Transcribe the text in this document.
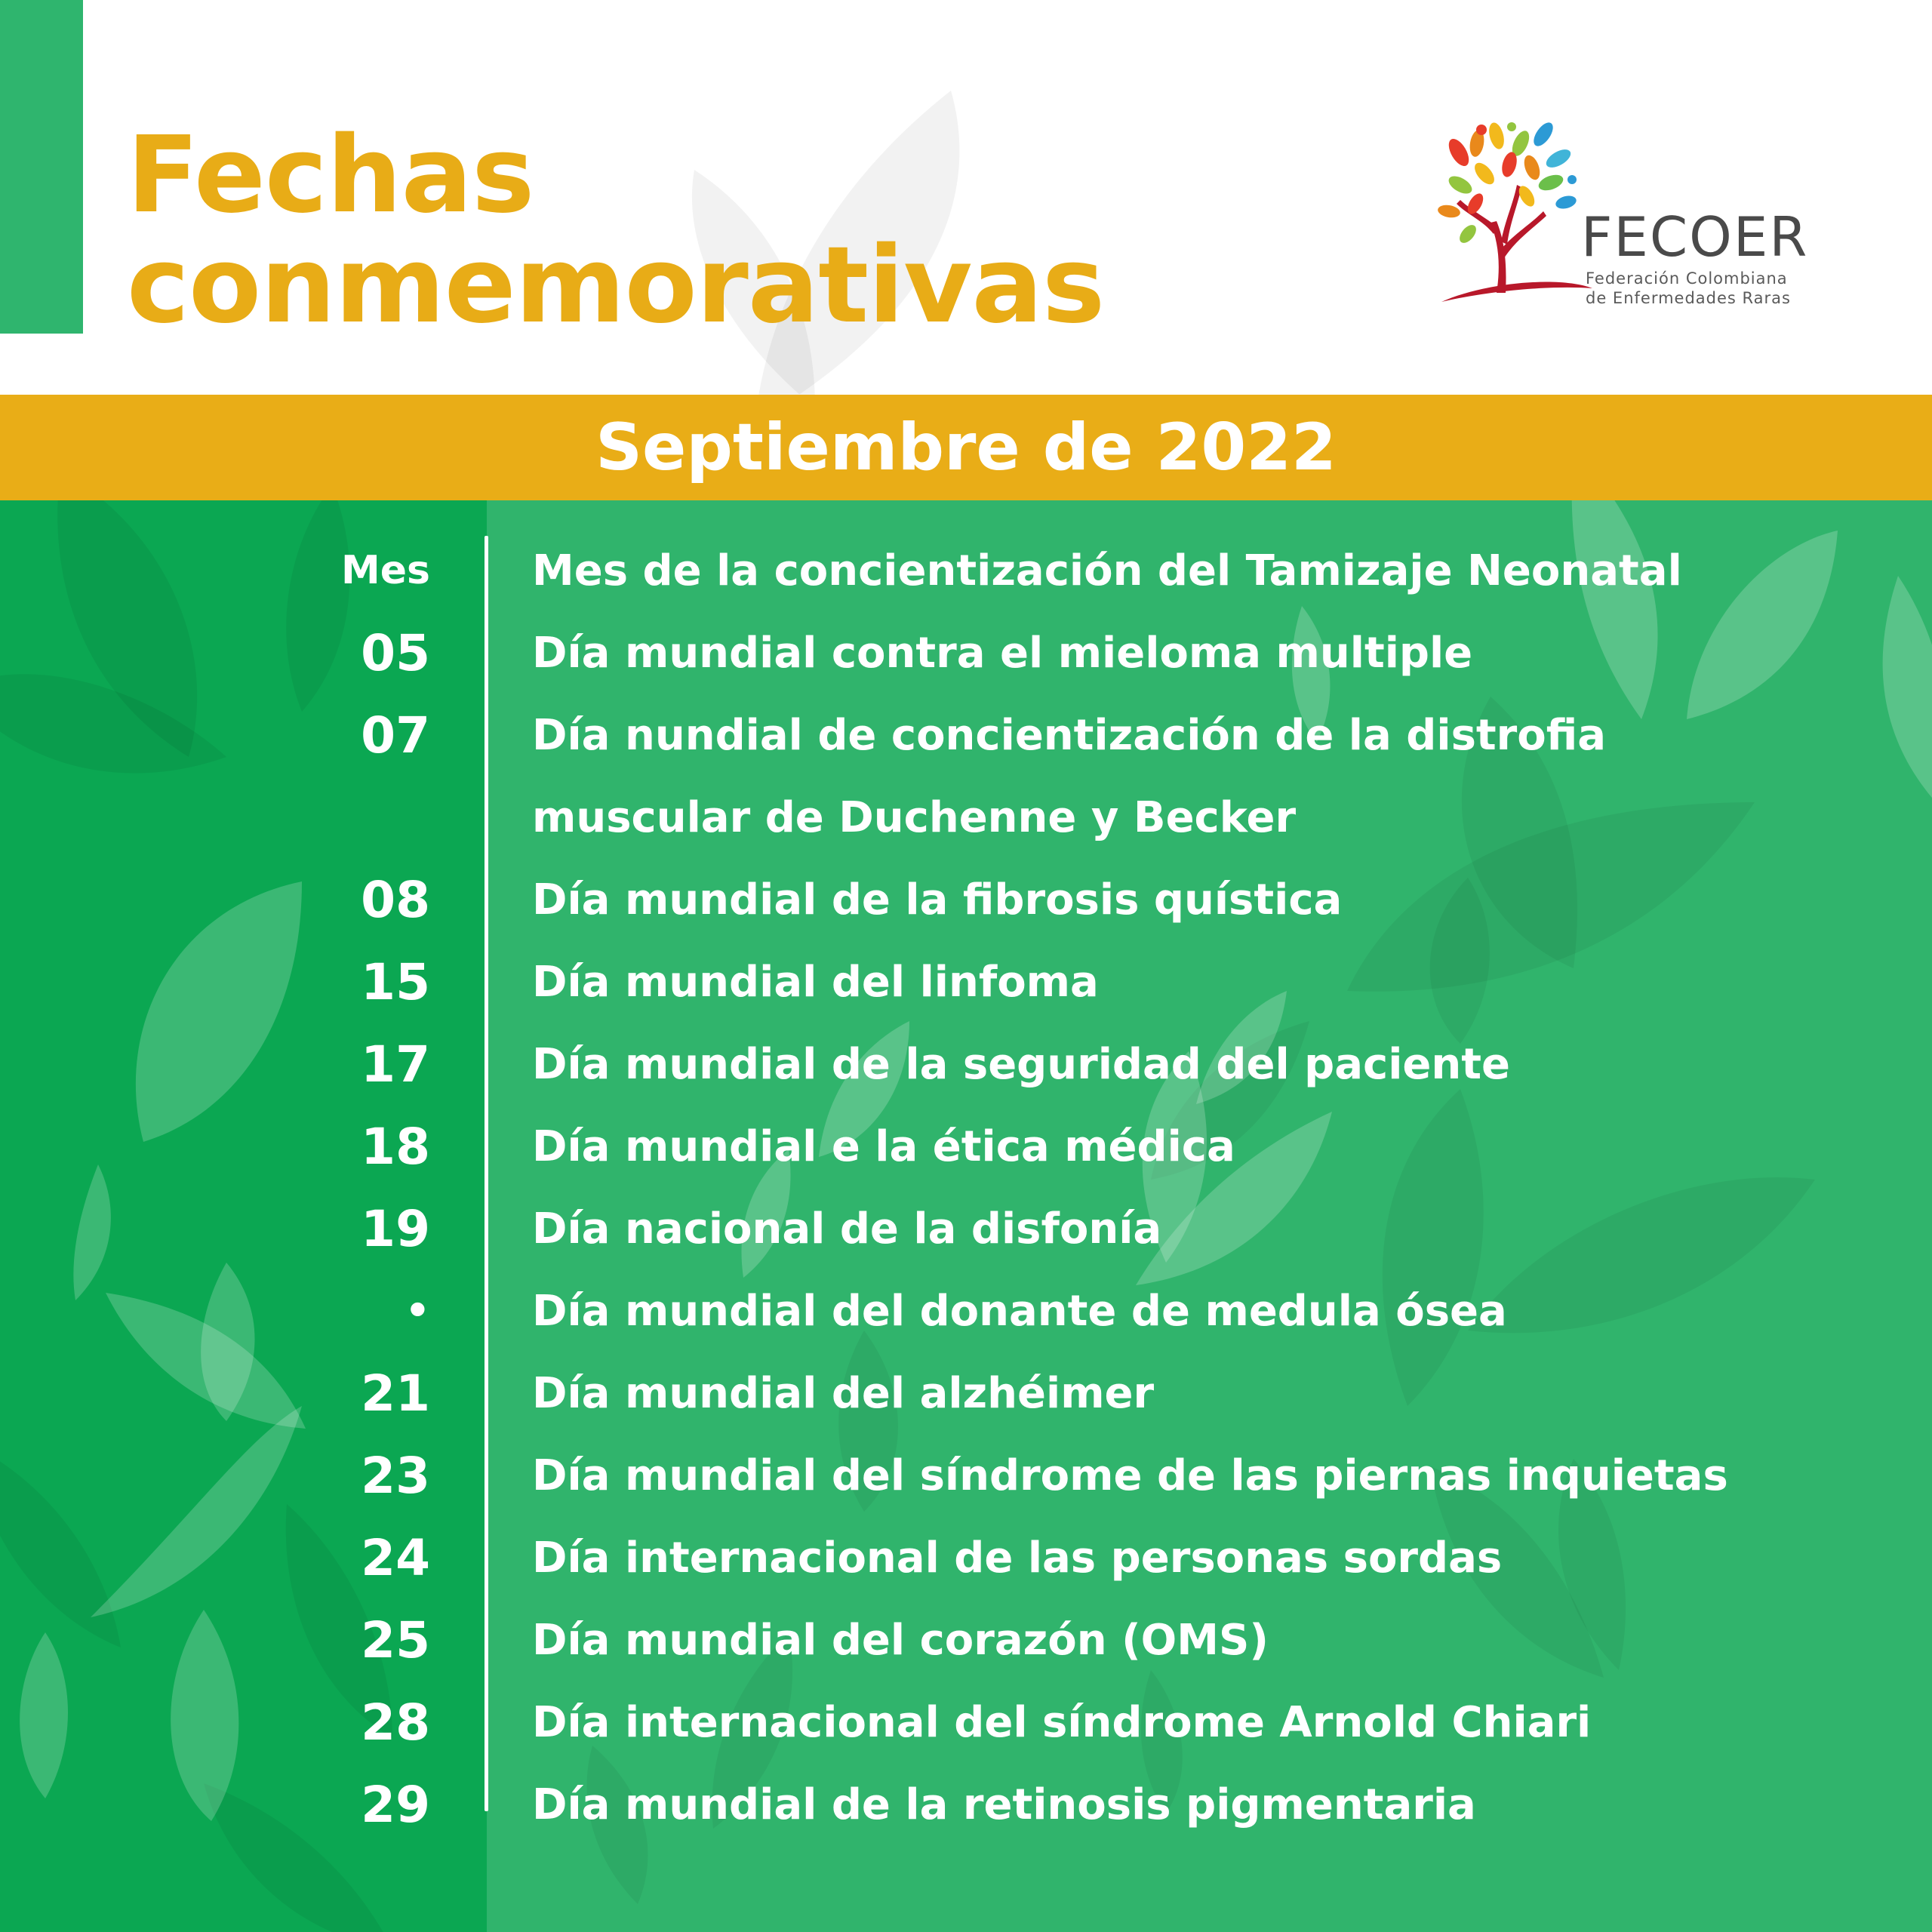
Fechas
conmemorativas	FECOER
Federación Colombiana
de Enfermedades Raras
Septiembre de 2022
Mes Mes de la concientización del Tamizaje Neonatal
05 Día mundial contra el mieloma multiple
07 Día nundial de concientización de la distrofia
muscular de Duchenne y Becker
08 Día mundial de la fibrosis quística
15 Día mundial del linfoma
17 Día mundial de la seguridad del paciente
18 Día mundial e la ética médica
19 Día nacional de la disfonía
• Día mundial del donante de medula ósea
21 Día mundial del alzhéimer
23 Día mundial del síndrome de las piernas inquietas
24 Día internacional de las personas sordas
25 Día mundial del corazón (OMS)
28 Día internacional del síndrome Arnold Chiari
29 Día mundial de la retinosis pigmentaria
